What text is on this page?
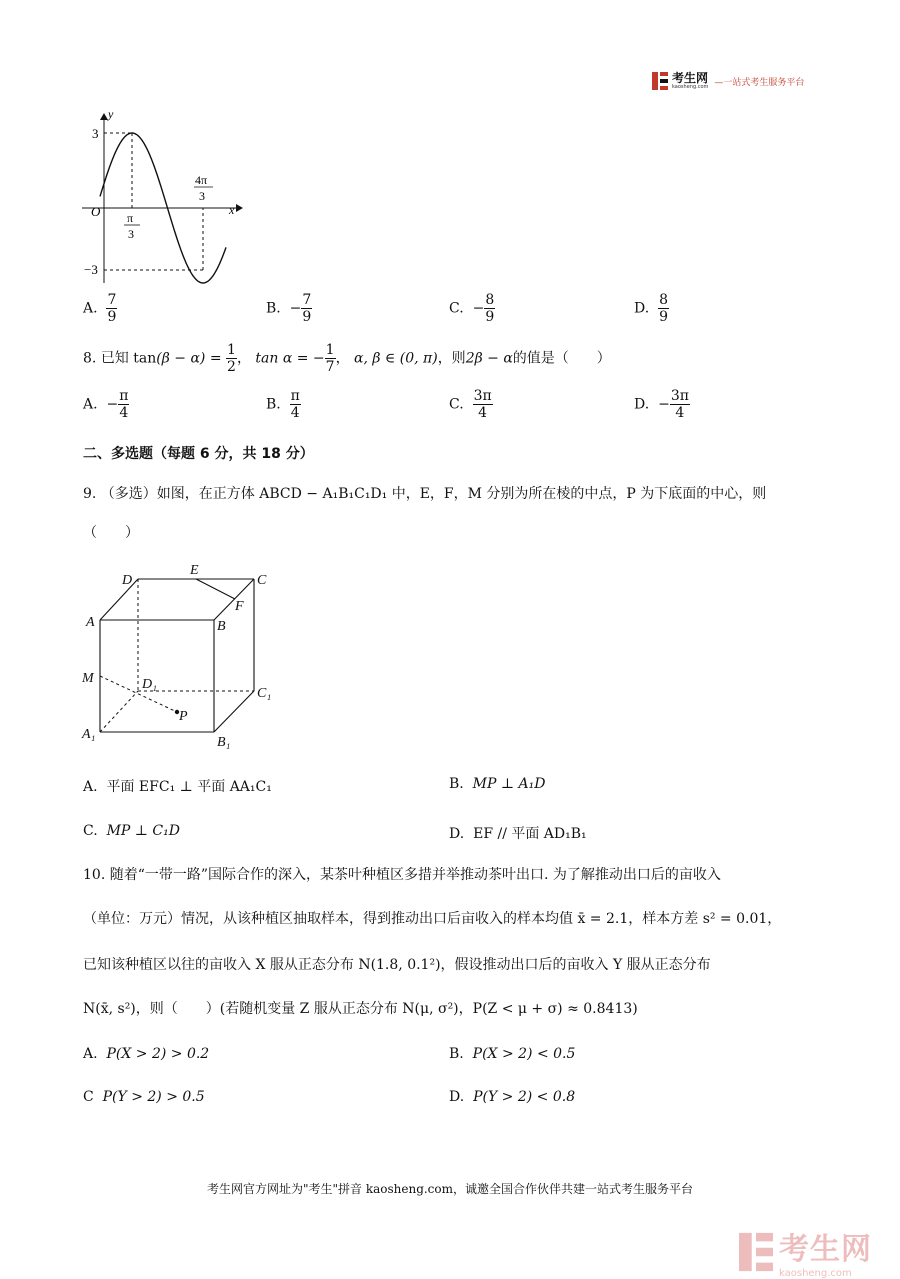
考生网
kaosheng.com —一站式考生服务平台
y
x
O
3
−3
π
3
4π
3
A. $\frac{7}{9}$	B. − $\frac{7}{9}$	C. − $\frac{8}{9}$	D. $\frac{8}{9}$
8. 已知 $\tan(\beta - \alpha) = \frac{1}{2}$ ， tan α = − $\frac{1}{7}$ ， α, β ∈ (0, π)，则2β − α的值是（　　）
A. − $\frac{\pi}{4}$	B. $\frac{\pi}{4}$	C. $\frac{3\pi}{4}$	D. − $\frac{3\pi}{4}$
二、多选题（每题 6 分，共 18 分）
9. （多选）如图，在正方体 ABCD − A₁B₁C₁D₁ 中，E，F，M 分别为所在棱的中点，P 为下底面的中心，则
（　　）
D
E
C
F
A	B
M	D₁
C₁
P
A₁
B₁
A. 平面 EFC₁ ⊥ 平面 AA₁C₁	B. MP ⊥ A₁D
C. MP ⊥ C₁D	D. EF // 平面 AD₁B₁
10. 随着“一带一路”国际合作的深入，某茶叶种植区多措并举推动茶叶出口. 为了解推动出口后的亩收入
（单位：万元）情况，从该种植区抽取样本，得到推动出口后亩收入的样本均值 x̄ = 2.1，样本方差 s² = 0.01，
已知该种植区以往的亩收入 X 服从正态分布 N(1.8, 0.1²)，假设推动出口后的亩收入 Y 服从正态分布
N(x̄, s²)，则（　　）(若随机变量 Z 服从正态分布 N(μ, σ²)，P(Z < μ + σ) ≈ 0.8413)
A. P(X > 2) > 0.2	B. P(X > 2) < 0.5
C P(Y > 2) > 0.5	D. P(Y > 2) < 0.8
考生网官方网址为"考生"拼音 kaosheng.com，诚邀全国合作伙伴共建一站式考生服务平台
考生网
kaosheng.com
